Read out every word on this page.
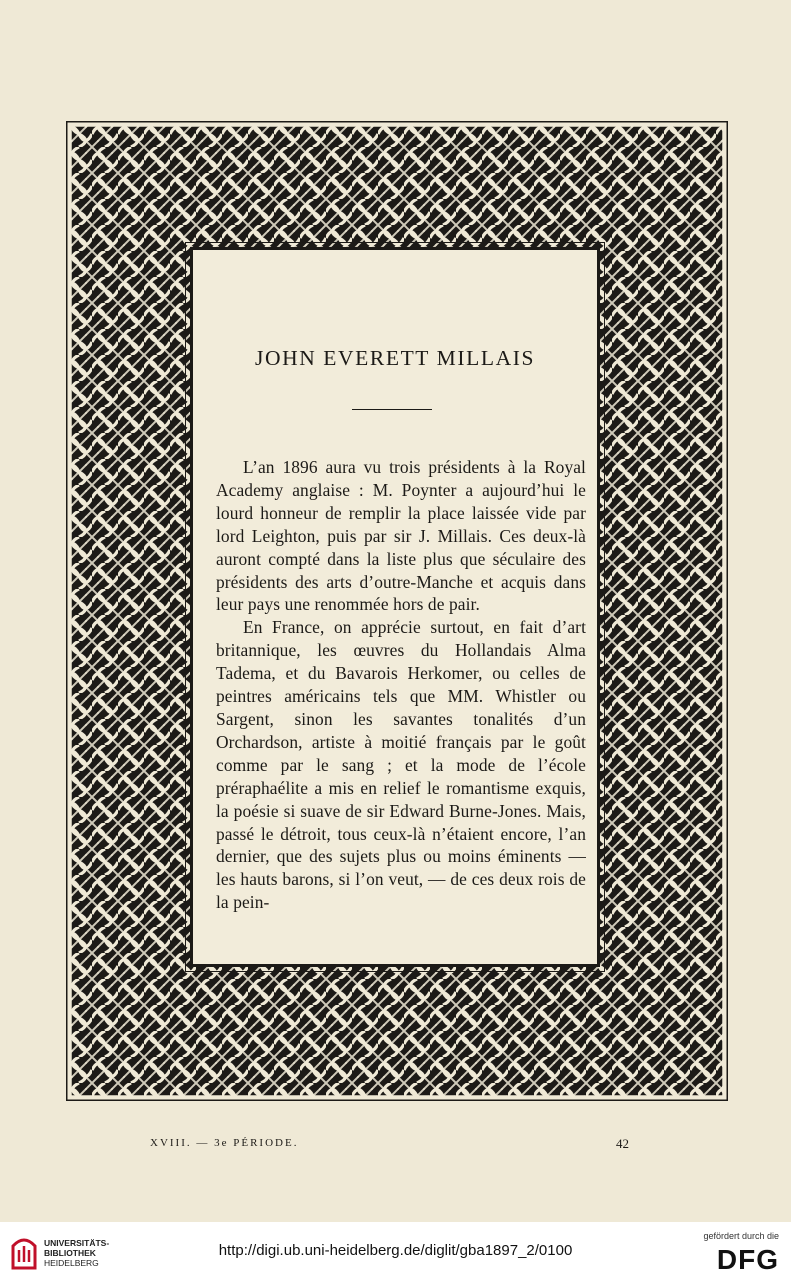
JOHN EVERETT MILLAIS

L’an 1896 aura vu trois présidents à la Royal Academy anglaise : M. Poynter a aujourd’hui le lourd honneur de remplir la place laissée vide par lord Leighton, puis par sir J. Millais. Ces deux-là auront compté dans la liste plus que séculaire des présidents des arts d’outre-Manche et acquis dans leur pays une renommée hors de pair.

En France, on apprécie surtout, en fait d’art britannique, les œuvres du Hollandais Alma Tadema, et du Bavarois Herkomer, ou celles de peintres américains tels que MM. Whistler ou Sargent, sinon les savantes tonalités d’un Orchardson, artiste à moitié français par le goût comme par le sang ; et la mode de l’école préraphaélite a mis en relief le romantisme exquis, la poésie si suave de sir Edward Burne-Jones. Mais, passé le détroit, tous ceux-là n’étaient encore, l’an dernier, que des sujets plus ou moins éminents — les hauts barons, si l’on veut, — de ces deux rois de la pein-

XVIII. — 3e PÉRIODE.	42
UNIVERSITÄTS-
BIBLIOTHEK
HEIDELBERG
http://digi.ub.uni-heidelberg.de/diglit/gba1897_2/0100
gefördert durch die
DFG
